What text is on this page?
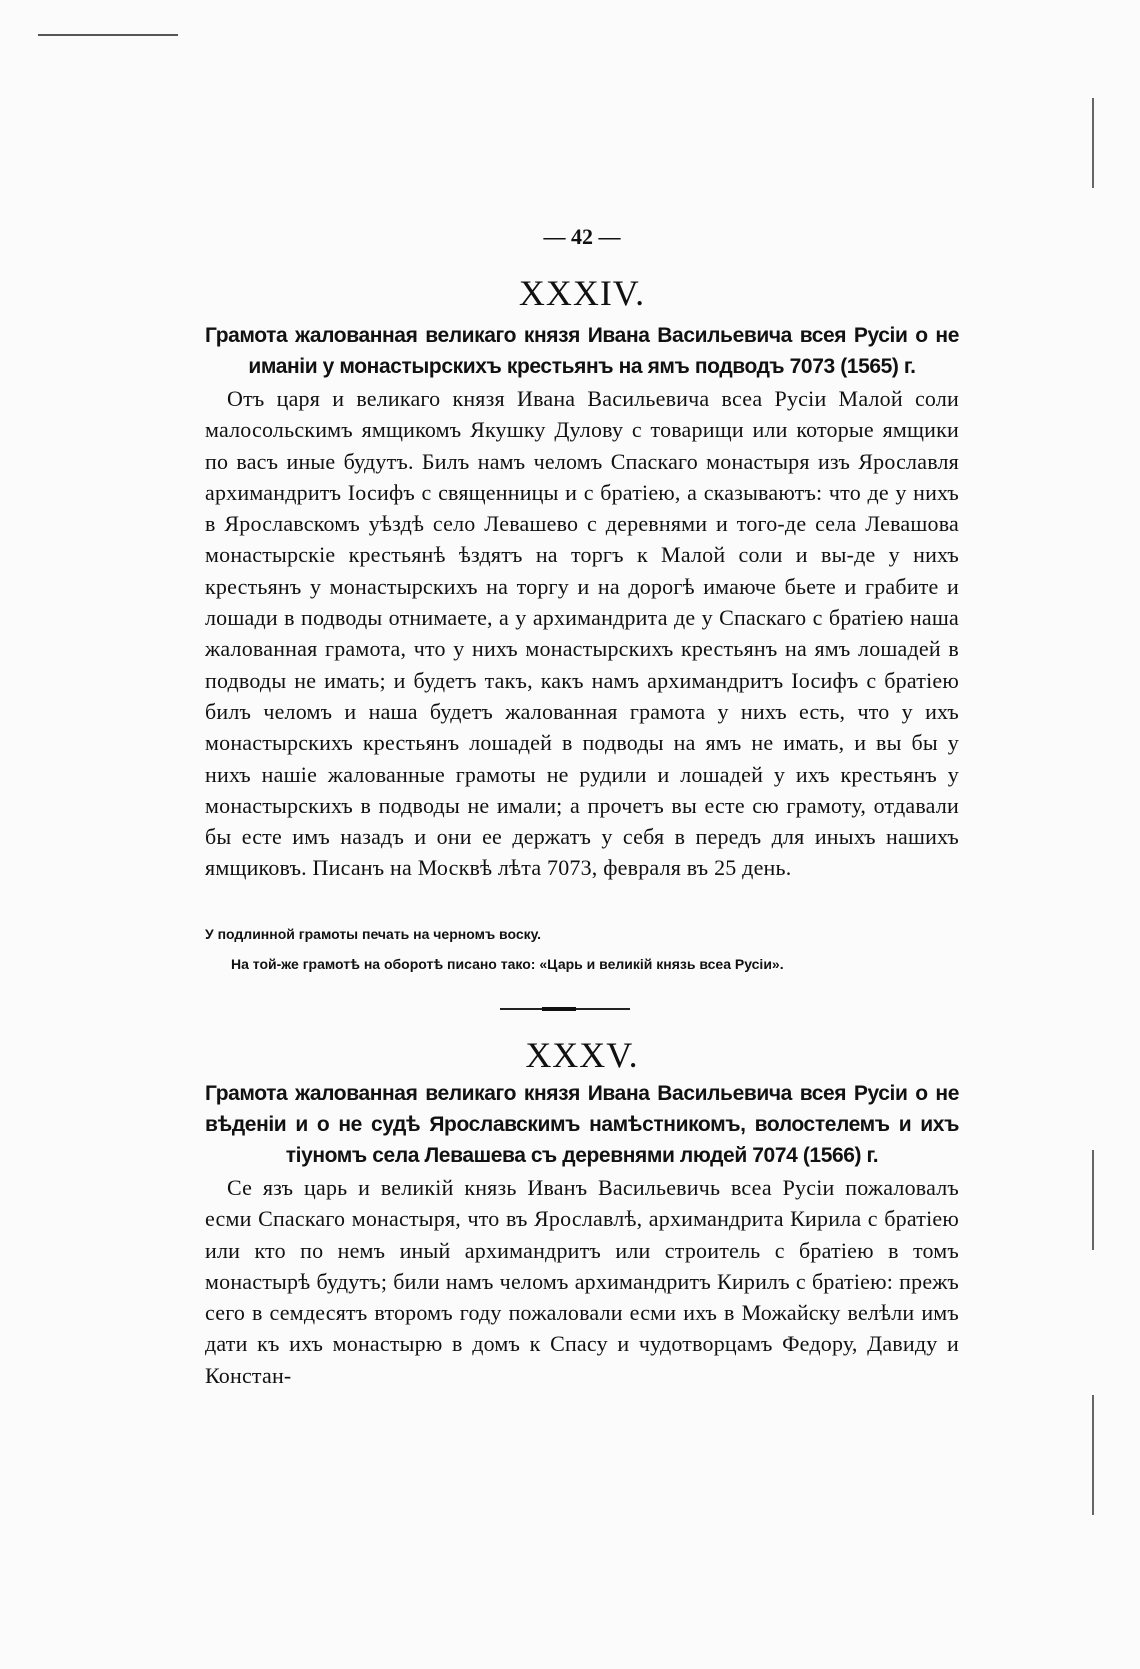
— 42 —
XXXIV.
Грамота жалованная великаго князя Ивана Васильевича всея Русіи о не иманіи у монастырскихъ крестьянъ на ямъ подводъ 7073 (1565) г.
Отъ царя и великаго князя Ивана Васильевича всеа Русіи Малой соли малосольскимъ ямщикомъ Якушку Дулову с товарищи или которые ямщики по васъ иные будутъ. Билъ намъ челомъ Спаскаго монастыря изъ Ярославля архимандритъ Іосифъ с священницы и с братіею, а сказываютъ: что де у нихъ в Ярославскомъ уѣздѣ село Левашево с деревнями и того-де села Левашова монастырскіе крестьянѣ ѣздятъ на торгъ к Малой соли и вы-де у нихъ крестьянъ у монастырскихъ на торгу и на дорогѣ имаюче бьете и грабите и лошади в подводы отнимаете, а у архимандрита де у Спаскаго с братіею наша жалованная грамота, что у нихъ монастырскихъ крестьянъ на ямъ лошадей в подводы не имать; и будетъ такъ, какъ намъ архимандритъ Іосифъ с братіею билъ челомъ и наша будетъ жалованная грамота у нихъ есть, что у ихъ монастырскихъ крестьянъ лошадей в подводы на ямъ не имать, и вы бы у нихъ нашіе жалованные грамоты не рудили и лошадей у ихъ крестьянъ у монастырскихъ в подводы не имали; а прочетъ вы есте сю грамоту, отдавали бы есте имъ назадъ и они ее держатъ у себя в передъ для иныхъ нашихъ ямщиковъ. Писанъ на Москвѣ лѣта 7073, февраля въ 25 день.
У подлинной грамоты печать на черномъ воску.
На той-же грамотѣ на оборотѣ писано тако: «Царь и великій князь всеа Русіи».
XXXV.
Грамота жалованная великаго князя Ивана Васильевича всея Русіи о не вѣденіи и о не судѣ Ярославскимъ намѣстникомъ, волостелемъ и ихъ тіуномъ села Левашева съ деревнями людей 7074 (1566) г.
Се язъ царь и великій князь Иванъ Васильевичь всеа Русіи пожаловалъ есми Спаскаго монастыря, что въ Ярославлѣ, архимандрита Кирила с братіею или кто по немъ иный архимандритъ или строитель с братіею в томъ монастырѣ будутъ; били намъ челомъ архимандритъ Кирилъ с братіею: прежъ сего в семдесятъ второмъ году пожаловали есми ихъ в Можайску велѣли имъ дати къ ихъ монастырю в домъ к Спасу и чудотворцамъ Федору, Давиду и Констан-
